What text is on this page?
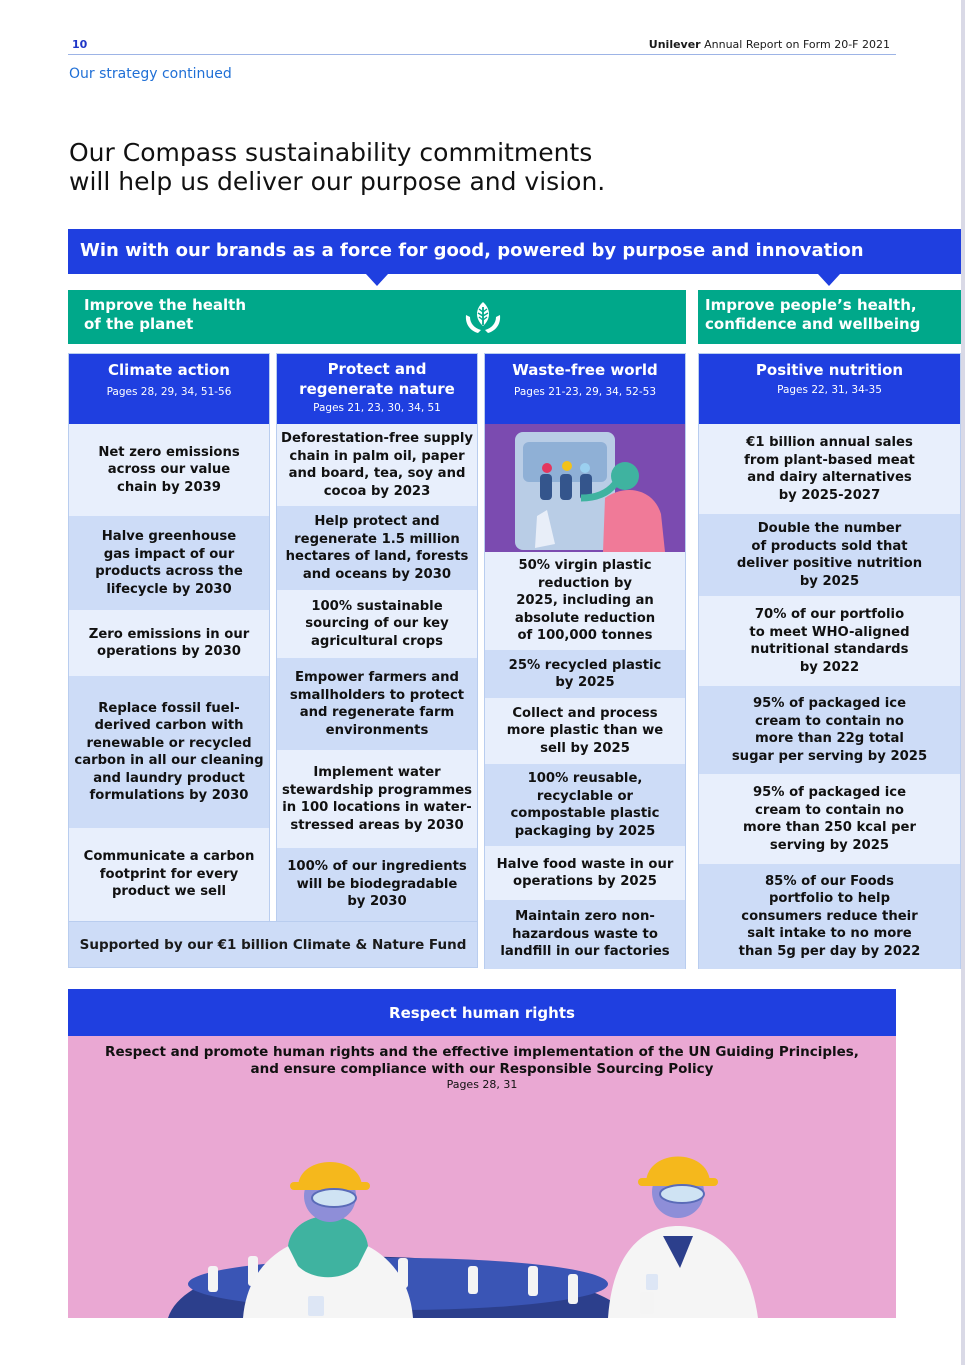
10	Unilever Annual Report on Form 20-F 2021
Our strategy continued
Our Compass sustainability commitments
will help us deliver our purpose and vision.
Win with our brands as a force for good, powered by purpose and innovation
Improve the health
of the planet
Improve people’s health,
confidence and wellbeing
Climate action
Pages 28, 29, 34, 51-56
Net zero emissions
across our value
chain by 2039
Halve greenhouse
gas impact of our
products across the
lifecycle by 2030
Zero emissions in our
operations by 2030
Replace fossil fuel-
derived carbon with
renewable or recycled
carbon in all our cleaning
and laundry product
formulations by 2030
Communicate a carbon
footprint for every
product we sell
Protect and
regenerate nature
Pages 21, 23, 30, 34, 51
Deforestation-free supply
chain in palm oil, paper
and board, tea, soy and
cocoa by 2023
Help protect and
regenerate 1.5 million
hectares of land, forests
and oceans by 2030
100% sustainable
sourcing of our key
agricultural crops
Empower farmers and
smallholders to protect
and regenerate farm
environments
Implement water
stewardship programmes
in 100 locations in water-
stressed areas by 2030
100% of our ingredients
will be biodegradable
by 2030
Waste-free world
Pages 21-23, 29, 34, 52-53
50% virgin plastic
reduction by
2025, including an
absolute reduction
of 100,000 tonnes
25% recycled plastic
by 2025
Collect and process
more plastic than we
sell by 2025
100% reusable,
recyclable or
compostable plastic
packaging by 2025
Halve food waste in our
operations by 2025
Maintain zero non-
hazardous waste to
landfill in our factories
Positive nutrition
Pages 22, 31, 34-35
€1 billion annual sales
from plant-based meat
and dairy alternatives
by 2025-2027
Double the number
of products sold that
deliver positive nutrition
by 2025
70% of our portfolio
to meet WHO-aligned
nutritional standards
by 2022
95% of packaged ice
cream to contain no
more than 22g total
sugar per serving by 2025
95% of packaged ice
cream to contain no
more than 250 kcal per
serving by 2025
85% of our Foods
portfolio to help
consumers reduce their
salt intake to no more
than 5g per day by 2022
Supported by our €1 billion Climate & Nature Fund
Respect human rights
Respect and promote human rights and the effective implementation of the UN Guiding Principles,
and ensure compliance with our Responsible Sourcing Policy
Pages 28, 31
